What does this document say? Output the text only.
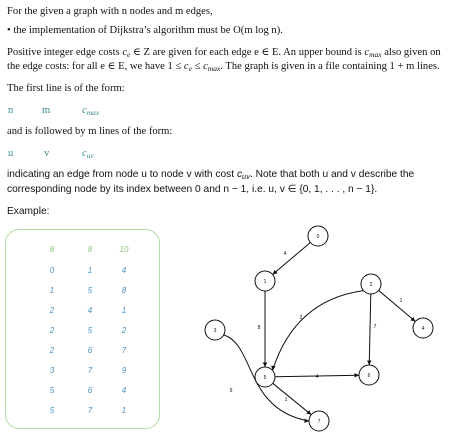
For the given a graph with n nodes and m edges,
• the implementation of Dijkstra’s algorithm must be O(m log n).
Positive integer edge costs $c_e$ ∈ Z are given for each edge e ∈ E. An upper bound is $c_{max}$ also given on
the edge costs: for all e ∈ E, we have $1 \le c_e \le c_{max}$. The graph is given in a file containing 1 + m lines.
The first line is of the form:
n	m	$c_{max}$
and is followed by m lines of the form:
u	v	$c_{uv}$
indicating an edge from node u to node v with cost $c_{uv}$. Note that both u and v describe the
corresponding node by its index between 0 and n − 1, i.e. u, v ∈ {0, 1, . . . , n − 1}.
Example:
8	8	10
0	1	4
1	5	8
2	4	1
2	5	2
2	6	7
3	7	9
5	6	4
5	7	1
4
8
1
2
7
9
4
1
0
1	2
3	4
5	6
7
